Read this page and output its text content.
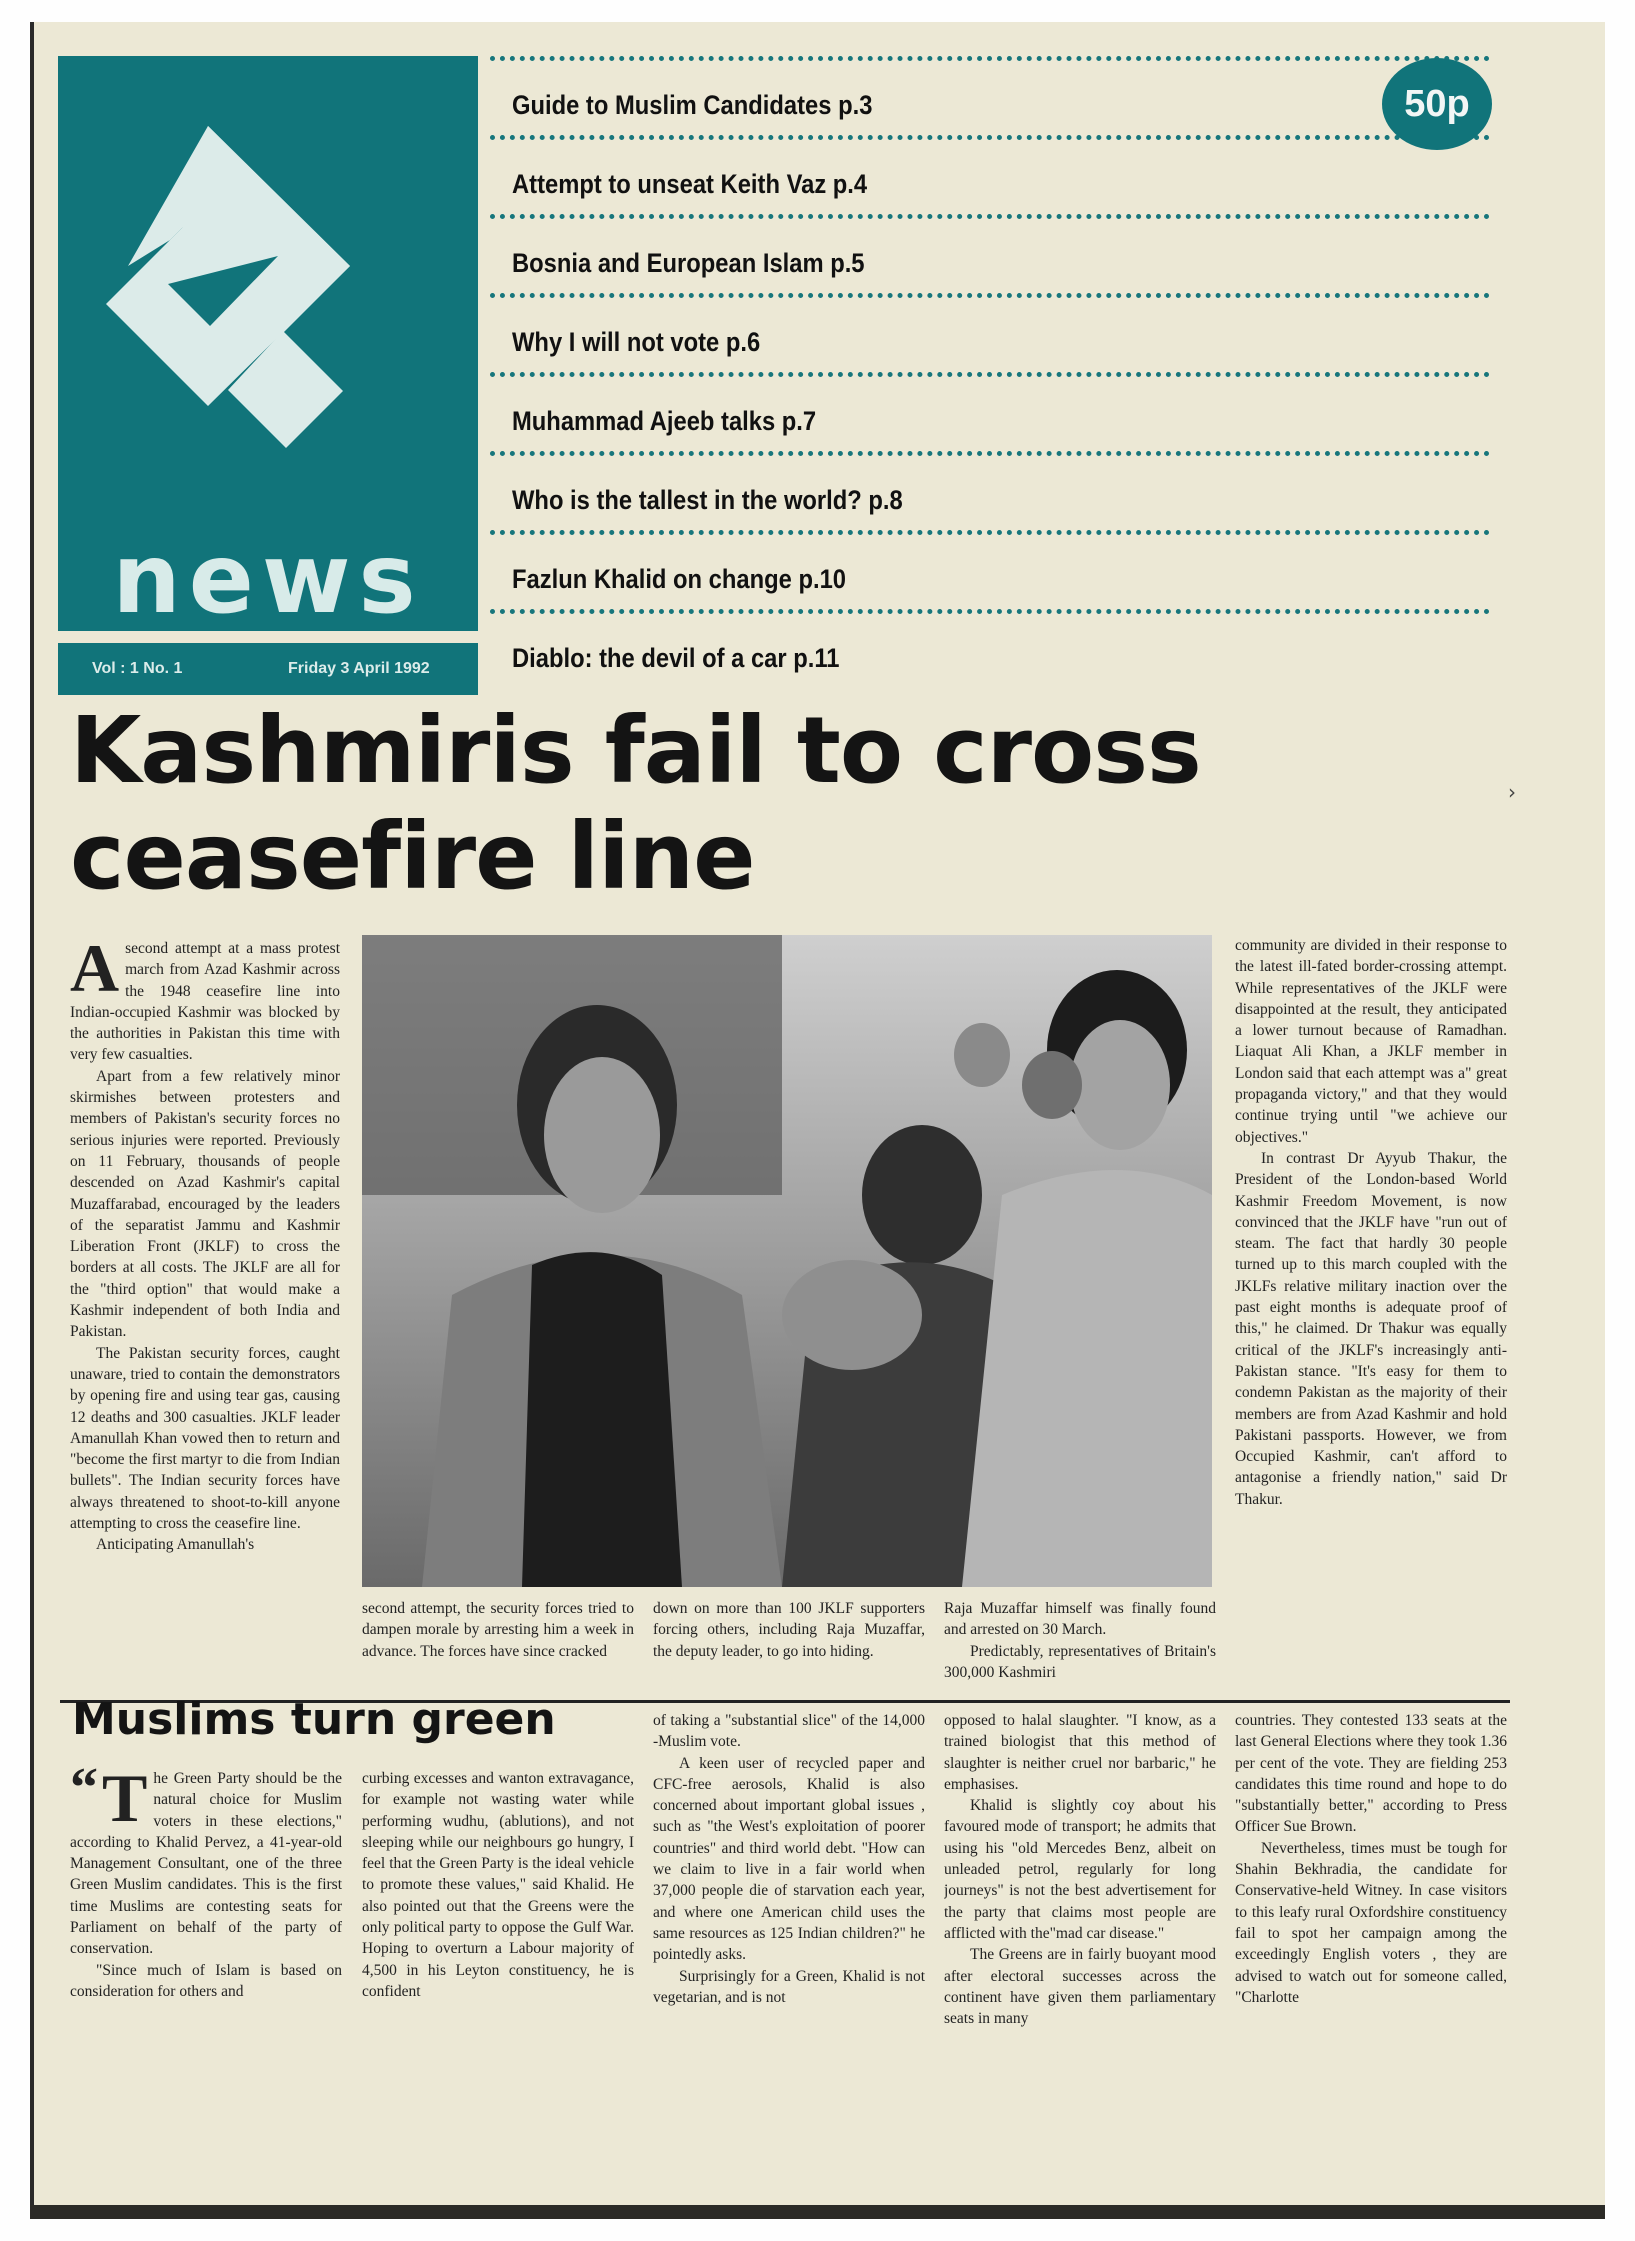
news
Vol : 1 No. 1	Friday 3 April 1992
Guide to Muslim Candidates p.3
Attempt to unseat Keith Vaz p.4
Bosnia and European Islam p.5
Why I will not vote p.6
Muhammad Ajeeb talks p.7
Who is the tallest in the world? p.8
Fazlun Khalid on change p.10
Diablo: the devil of a car p.11
50p
Kashmiris fail to cross
ceasefire line

Asecond attempt at a mass protest march from Azad Kashmir across the 1948 ceasefire line into Indian-occupied Kashmir was blocked by the authorities in Pakistan this time with very few casualties.

Apart from a few relatively minor skirmishes between protesters and members of Pakistan's security forces no serious injuries were reported. Previously on 11 February, thousands of people descended on Azad Kashmir's capital Muzaffarabad, encouraged by the leaders of the separatist Jammu and Kashmir Liberation Front (JKLF) to cross the borders at all costs. The JKLF are all for the "third option" that would make a Kashmir independent of both India and Pakistan.

The Pakistan security forces, caught unaware, tried to contain the demonstrators by opening fire and using tear gas, causing 12 deaths and 300 casualties. JKLF leader Amanullah Khan vowed then to return and "become the first martyr to die from Indian bullets". The Indian security forces have always threatened to shoot-to-kill anyone attempting to cross the ceasefire line.

Anticipating Amanullah's

second attempt, the security forces tried to dampen morale by arresting him a week in advance. The forces have since cracked

down on more than 100 JKLF supporters forcing others, including Raja Muzaffar, the deputy leader, to go into hiding.

Raja Muzaffar himself was finally found and arrested on 30 March.

Predictably, representatives of Britain's 300,000 Kashmiri

community are divided in their response to the latest ill-fated border-crossing attempt. While representatives of the JKLF were disappointed at the result, they anticipated a lower turnout because of Ramadhan. Liaquat Ali Khan, a JKLF member in London said that each attempt was a" great propaganda victory," and that they would continue trying until "we achieve our objectives."

In contrast Dr Ayyub Thakur, the President of the London-based World Kashmir Freedom Movement, is now convinced that the JKLF have "run out of steam. The fact that hardly 30 people turned up to this march coupled with the JKLFs relative military inaction over the past eight months is adequate proof of this," he claimed. Dr Thakur was equally critical of the JKLF's increasingly anti-Pakistan stance. "It's easy for them to condemn Pakistan as the majority of their members are from Azad Kashmir and hold Pakistani passports. However, we from Occupied Kashmir, can't afford to antagonise a friendly nation," said Dr Thakur.

Muslims turn green

“ T he Green Party should be the natural choice for Muslim voters in these elections," according to Khalid Pervez, a 41-year-old Management Consultant, one of the three Green Muslim candidates. This is the first time Muslims are contesting seats for Parliament on behalf of the party of conservation.

"Since much of Islam is based on consideration for others and

curbing excesses and wanton extravagance, for example not wasting water while performing wudhu, (ablutions), and not sleeping while our neighbours go hungry, I feel that the Green Party is the ideal vehicle to promote these values," said Khalid. He also pointed out that the Greens were the only political party to oppose the Gulf War. Hoping to overturn a Labour majority of 4,500 in his Leyton constituency, he is confident

of taking a "substantial slice" of the 14,000 -Muslim vote.

A keen user of recycled paper and CFC-free aerosols, Khalid is also concerned about important global issues , such as "the West's exploitation of poorer countries" and third world debt. "How can we claim to live in a fair world when 37,000 people die of starvation each year, and where one American child uses the same resources as 125 Indian children?" he pointedly asks.

Surprisingly for a Green, Khalid is not vegetarian, and is not

opposed to halal slaughter. "I know, as a trained biologist that this method of slaughter is neither cruel nor barbaric," he emphasises.

Khalid is slightly coy about his favoured mode of transport; he admits that using his "old Mercedes Benz, albeit on unleaded petrol, regularly for long journeys" is not the best advertisement for the party that claims most people are afflicted with the"mad car disease."

The Greens are in fairly buoyant mood after electoral successes across the continent have given them parliamentary seats in many

countries. They contested 133 seats at the last General Elections where they took 1.36 per cent of the vote. They are fielding 253 candidates this time round and hope to do "substantially better," according to Press Officer Sue Brown.

Nevertheless, times must be tough for Shahin Bekhradia, the candidate for Conservative-held Witney. In case visitors to this leafy rural Oxfordshire constituency fail to spot her campaign among the exceedingly English voters , they are advised to watch out for someone called, "Charlotte

›
